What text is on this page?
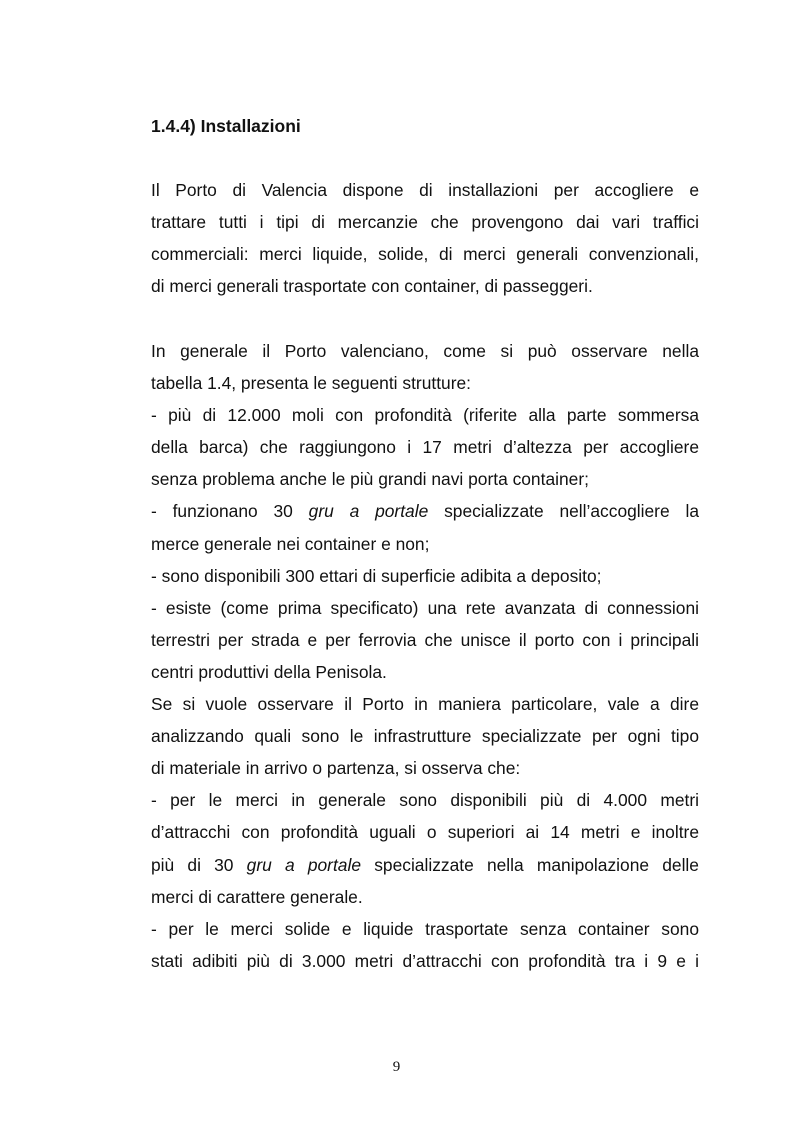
1.4.4) Installazioni
Il Porto di Valencia dispone di installazioni per accogliere e
trattare tutti i tipi di mercanzie che provengono dai vari traffici
commerciali: merci liquide, solide, di merci generali convenzionali,
di merci generali trasportate con container, di passeggeri.
In generale il Porto valenciano, come si può osservare nella
tabella 1.4, presenta le seguenti strutture:
- più di 12.000 moli con profondità (riferite alla parte sommersa
della barca) che raggiungono i 17 metri d’altezza per accogliere
senza problema anche le più grandi navi porta container;
- funzionano 30 gru a portale specializzate nell’accogliere la
merce generale nei container e non;
- sono disponibili 300 ettari di superficie adibita a deposito;
- esiste (come prima specificato) una rete avanzata di connessioni
terrestri per strada e per ferrovia che unisce il porto con i principali
centri produttivi della Penisola.
Se si vuole osservare il Porto in maniera particolare, vale a dire
analizzando quali sono le infrastrutture specializzate per ogni tipo
di materiale in arrivo o partenza, si osserva che:
- per le merci in generale sono disponibili più di 4.000 metri
d’attracchi con profondità uguali o superiori ai 14 metri e inoltre
più di 30 gru a portale specializzate nella manipolazione delle
merci di carattere generale.
- per le merci solide e liquide trasportate senza container sono
stati adibiti più di 3.000 metri d’attracchi con profondità tra i 9 e i

9
